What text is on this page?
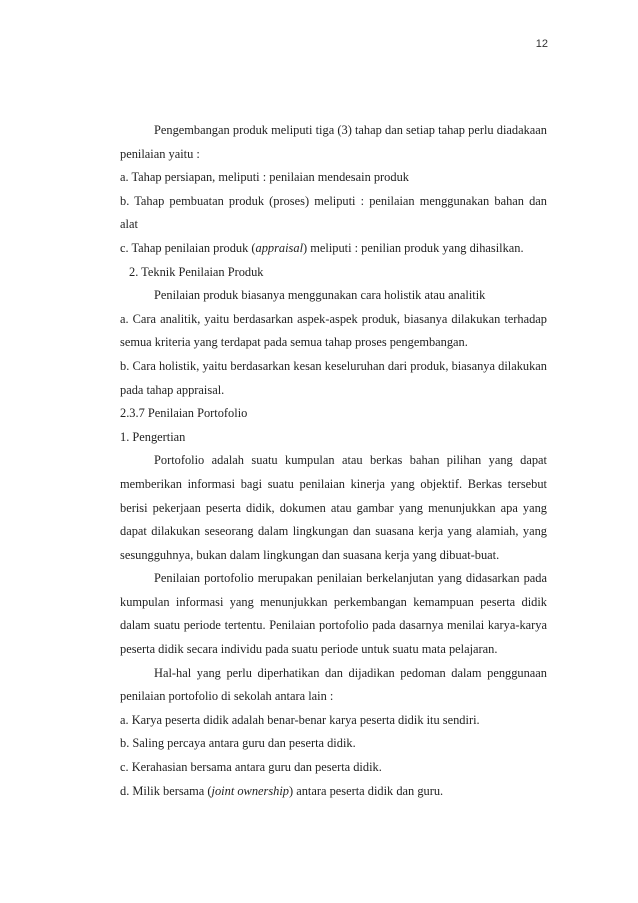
12

Pengembangan produk meliputi tiga (3) tahap dan setiap tahap perlu diadakaan penilaian yaitu :

a. Tahap persiapan, meliputi : penilaian mendesain produk

b. Tahap pembuatan produk (proses) meliputi : penilaian menggunakan bahan dan alat

c. Tahap penilaian produk (appraisal) meliputi : penilian produk yang dihasilkan.

2. Teknik Penilaian Produk

Penilaian produk biasanya menggunakan cara holistik atau analitik

a. Cara analitik, yaitu berdasarkan aspek-aspek produk, biasanya dilakukan terhadap semua kriteria yang terdapat pada semua tahap proses pengembangan.

b. Cara holistik, yaitu berdasarkan kesan keseluruhan dari produk, biasanya dilakukan pada tahap appraisal.

2.3.7 Penilaian Portofolio

1. Pengertian

Portofolio adalah suatu kumpulan atau berkas bahan pilihan yang dapat memberikan informasi bagi suatu penilaian kinerja yang objektif. Berkas tersebut berisi pekerjaan peserta didik, dokumen atau gambar yang menunjukkan apa yang dapat dilakukan seseorang dalam lingkungan dan suasana kerja yang alamiah, yang sesungguhnya, bukan dalam lingkungan dan suasana kerja yang dibuat-buat.

Penilaian portofolio merupakan penilaian berkelanjutan yang didasarkan pada kumpulan informasi yang menunjukkan perkembangan kemampuan peserta didik dalam suatu periode tertentu. Penilaian portofolio pada dasarnya menilai karya-karya peserta didik secara individu pada suatu periode untuk suatu mata pelajaran.

Hal-hal yang perlu diperhatikan dan dijadikan pedoman dalam penggunaan penilaian portofolio di sekolah antara lain :

a. Karya peserta didik adalah benar-benar karya peserta didik itu sendiri.

b. Saling percaya antara guru dan peserta didik.

c. Kerahasian bersama antara guru dan peserta didik.

d. Milik bersama (joint ownership) antara peserta didik dan guru.
